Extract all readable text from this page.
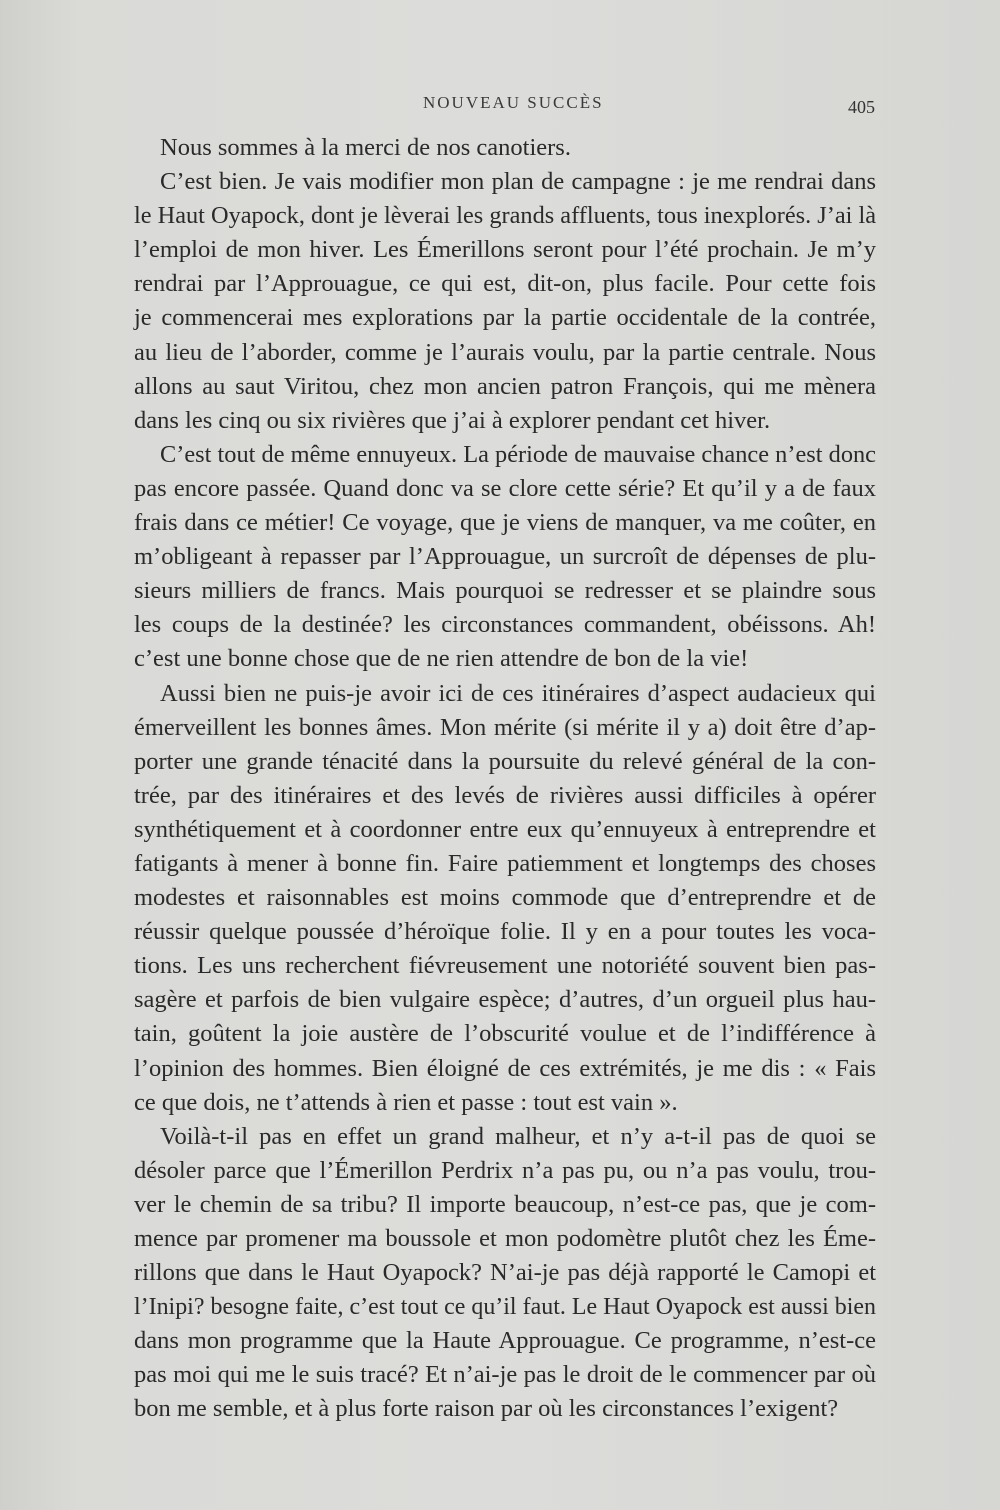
NOUVEAU SUCCÈS	405
Nous sommes à la merci de nos canotiers.
C’est bien. Je vais modifier mon plan de campagne : je me rendrai dans
le Haut Oyapock, dont je lèverai les grands affluents, tous inexplorés. J’ai là
l’emploi de mon hiver. Les Émerillons seront pour l’été prochain. Je m’y
rendrai par l’Approuague, ce qui est, dit-on, plus facile. Pour cette fois
je commencerai mes explorations par la partie occidentale de la contrée,
au lieu de l’aborder, comme je l’aurais voulu, par la partie centrale. Nous
allons au saut Viritou, chez mon ancien patron François, qui me mènera
dans les cinq ou six rivières que j’ai à explorer pendant cet hiver.
C’est tout de même ennuyeux. La période de mauvaise chance n’est donc
pas encore passée. Quand donc va se clore cette série? Et qu’il y a de faux
frais dans ce métier! Ce voyage, que je viens de manquer, va me coûter, en
m’obligeant à repasser par l’Approuague, un surcroît de dépenses de plu-
sieurs milliers de francs. Mais pourquoi se redresser et se plaindre sous
les coups de la destinée? les circonstances commandent, obéissons. Ah!
c’est une bonne chose que de ne rien attendre de bon de la vie!
Aussi bien ne puis-je avoir ici de ces itinéraires d’aspect audacieux qui
émerveillent les bonnes âmes. Mon mérite (si mérite il y a) doit être d’ap-
porter une grande ténacité dans la poursuite du relevé général de la con-
trée, par des itinéraires et des levés de rivières aussi difficiles à opérer
synthétiquement et à coordonner entre eux qu’ennuyeux à entreprendre et
fatigants à mener à bonne fin. Faire patiemment et longtemps des choses
modestes et raisonnables est moins commode que d’entreprendre et de
réussir quelque poussée d’héroïque folie. Il y en a pour toutes les voca-
tions. Les uns recherchent fiévreusement une notoriété souvent bien pas-
sagère et parfois de bien vulgaire espèce; d’autres, d’un orgueil plus hau-
tain, goûtent la joie austère de l’obscurité voulue et de l’indifférence à
l’opinion des hommes. Bien éloigné de ces extrémités, je me dis : « Fais
ce que dois, ne t’attends à rien et passe : tout est vain ».
Voilà-t-il pas en effet un grand malheur, et n’y a-t-il pas de quoi se
désoler parce que l’Émerillon Perdrix n’a pas pu, ou n’a pas voulu, trou-
ver le chemin de sa tribu? Il importe beaucoup, n’est-ce pas, que je com-
mence par promener ma boussole et mon podomètre plutôt chez les Éme-
rillons que dans le Haut Oyapock? N’ai-je pas déjà rapporté le Camopi et
l’Inipi? besogne faite, c’est tout ce qu’il faut. Le Haut Oyapock est aussi bien
dans mon programme que la Haute Approuague. Ce programme, n’est-ce
pas moi qui me le suis tracé? Et n’ai-je pas le droit de le commencer par où
bon me semble, et à plus forte raison par où les circonstances l’exigent?
